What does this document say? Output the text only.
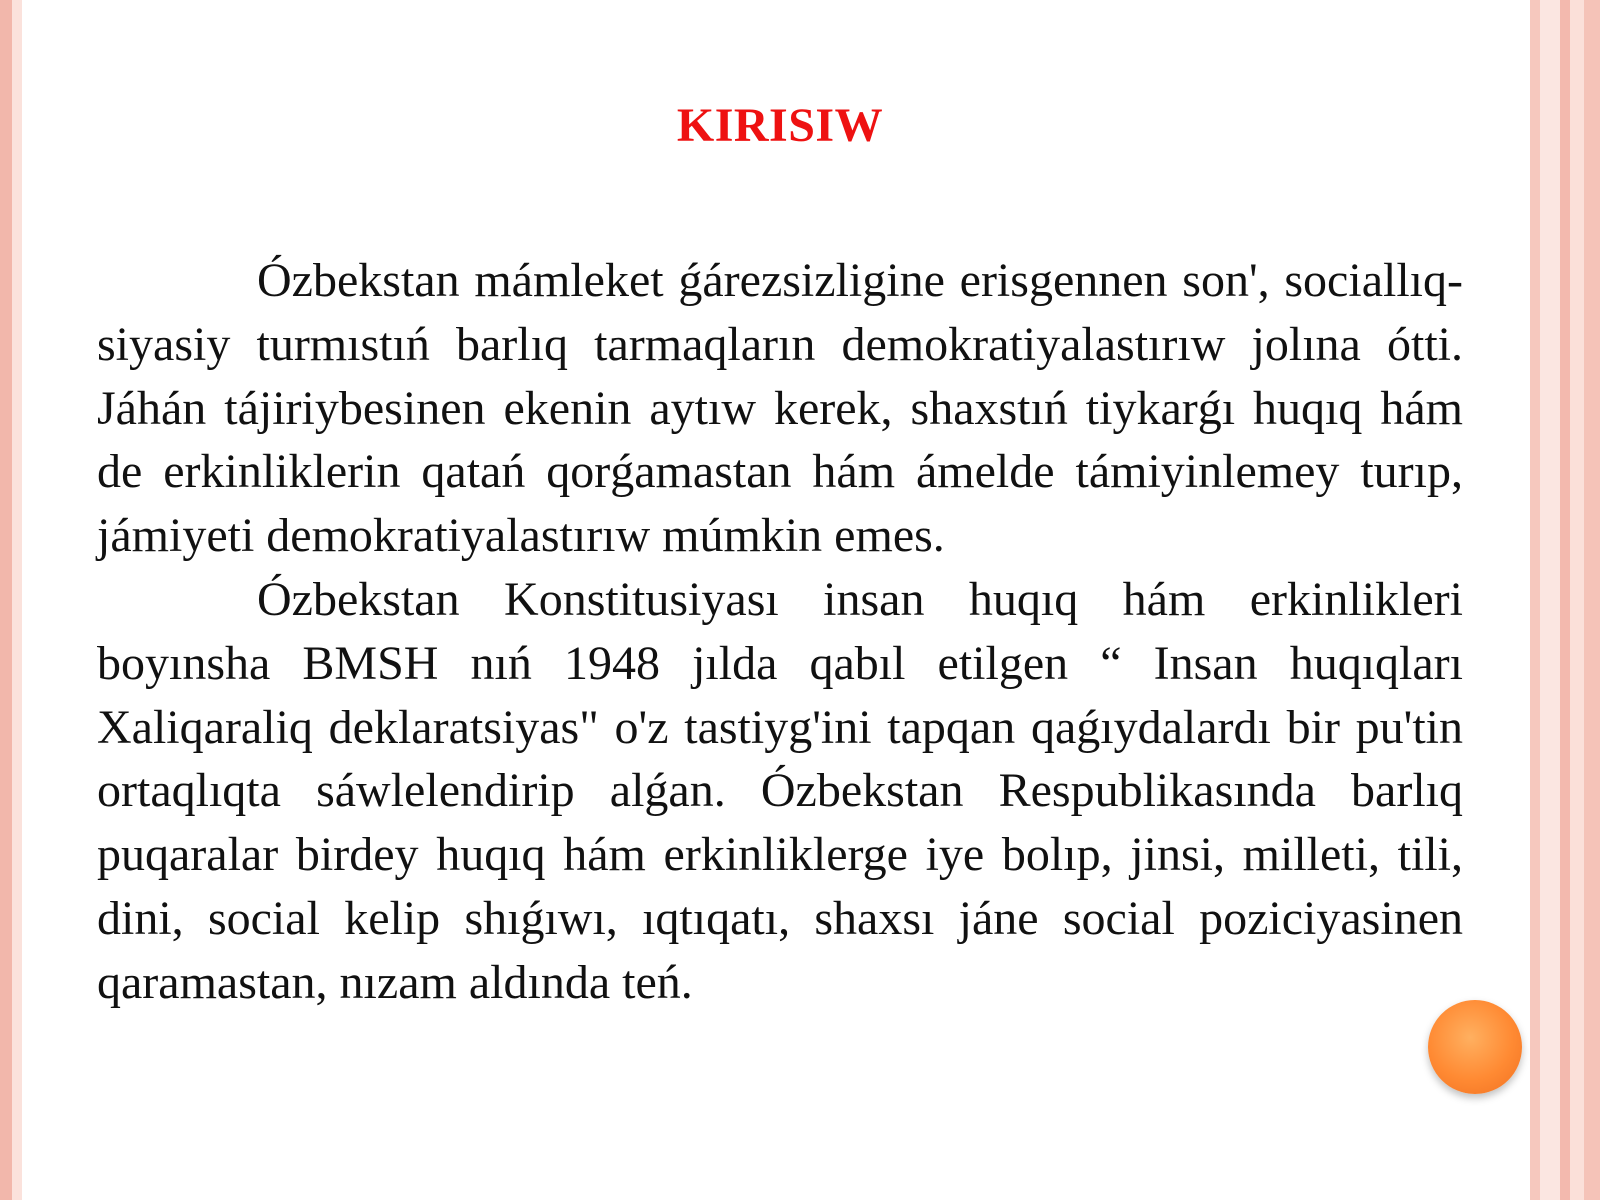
KIRISIW

Ózbekstan mámleket ǵárezsizligine erisgennen son', sociallıq-siyasiy turmıstıń barlıq tarmaqların demokratiyalastırıw jolına ótti. Jáhán tájiriybesinen ekenin aytıw kerek, shaxstıń tiykarǵı huqıq hám de erkinliklerin qatań qorǵamastan hám ámelde támiyinlemey turıp, jámiyeti demokratiyalastırıw múmkin emes.

Ózbekstan Konstitusiyası insan huqıq hám erkinlikleri boyınsha BMSH nıń 1948 jılda qabıl etilgen “ Insan huqıqları Xaliqaraliq deklaratsiyas" o'z tastiyg'ini tapqan qaǵıydalardı bir pu'tin ortaqlıqta sáwlelendirip alǵan. Ózbekstan Respublikasında barlıq puqaralar birdey huqıq hám erkinliklerge iye bolıp, jinsi, milleti, tili, dini, social kelip shıǵıwı, ıqtıqatı, shaxsı jáne social poziciyasinen qaramastan, nızam aldında teń.
